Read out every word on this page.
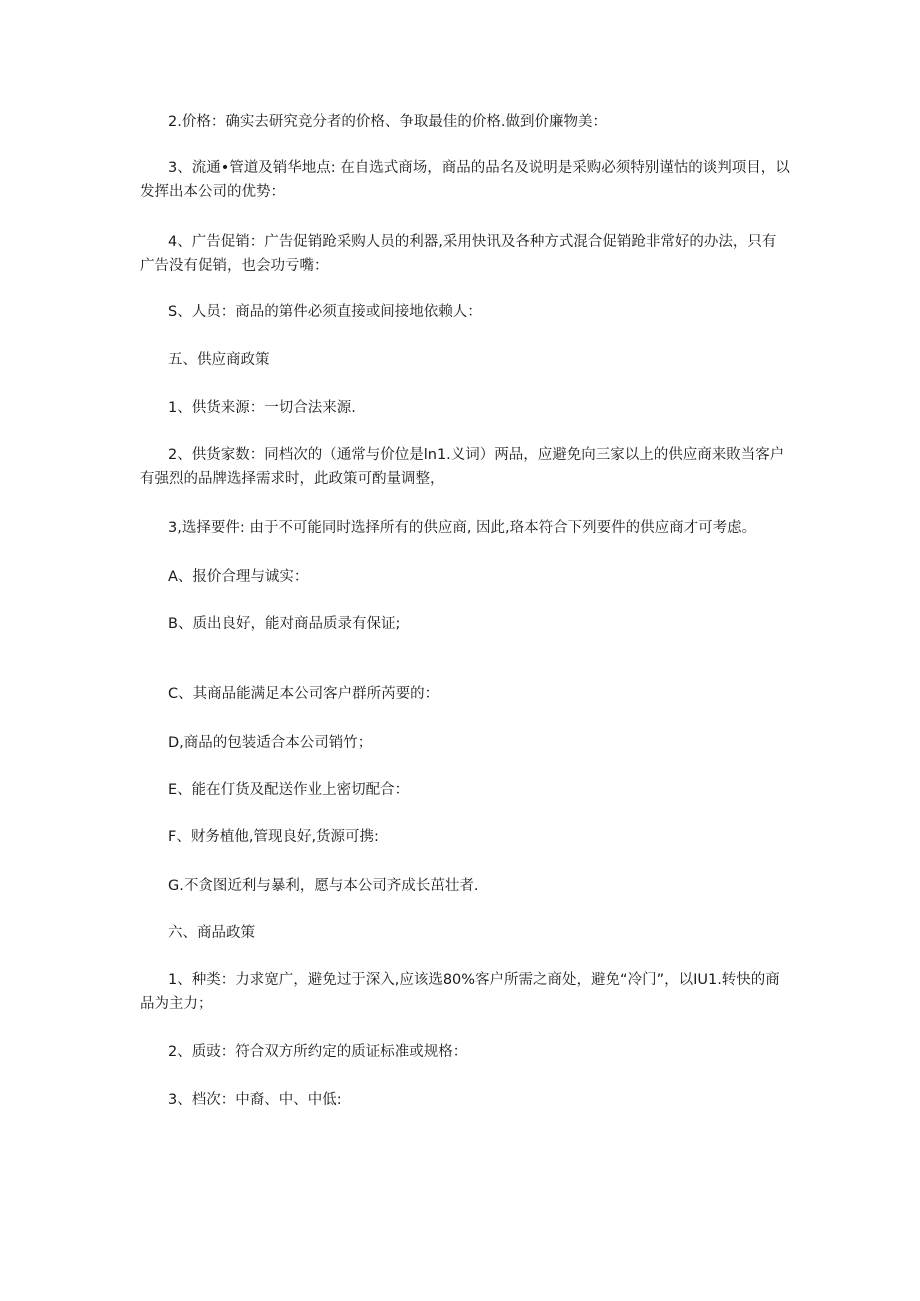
2.价格：确实去研究竞分者的价格、争取最佳的价格.做到价廉物美：
3、流通•管道及销华地点: 在自选式商场，商品的品名及说明是采购必须特别谨怙的谈判项目，以发挥出本公司的优势：
4、广告促销：广告促销跄采购人员的利器,采用快讯及各种方式混合促销跄非常好的办法，只有广告没有促销，也会功亏嘴：
S、人员：商品的第件必须直接或间接地依赖人：
五、供应商政策
1、供货来源：一切合法来源.
2、供货家数：同档次的（通常与价位是ln1.义词）两品，应避免向三家以上的供应商来敗当客户有强烈的品牌选择需求时，此政策可酌量调整，
3,选择要件: 由于不可能同时选择所有的供应商, 因此,珞本符合下列要件的供应商才可考虑。
A、报价合理与诚实：
B、质出良好，能对商品质录有保证;
C、其商品能满足本公司客户群所芮要的：
D,商品的包装适合本公司销竹；
E、能在仃货及配送作业上密切配合：
F、财务植他,管现良好,货源可携:
G.不贪图近利与暴利，愿与本公司齐成长茁壮者.
六、商品政策
1、种类：力求宽广，避免过于深入,应该选80%客户所需之商处，避免“冷门”，以IU1.转快的商品为主力；
2、质豉：符合双方所约定的质证标准或规格：
3、档次：中裔、中、中低:
